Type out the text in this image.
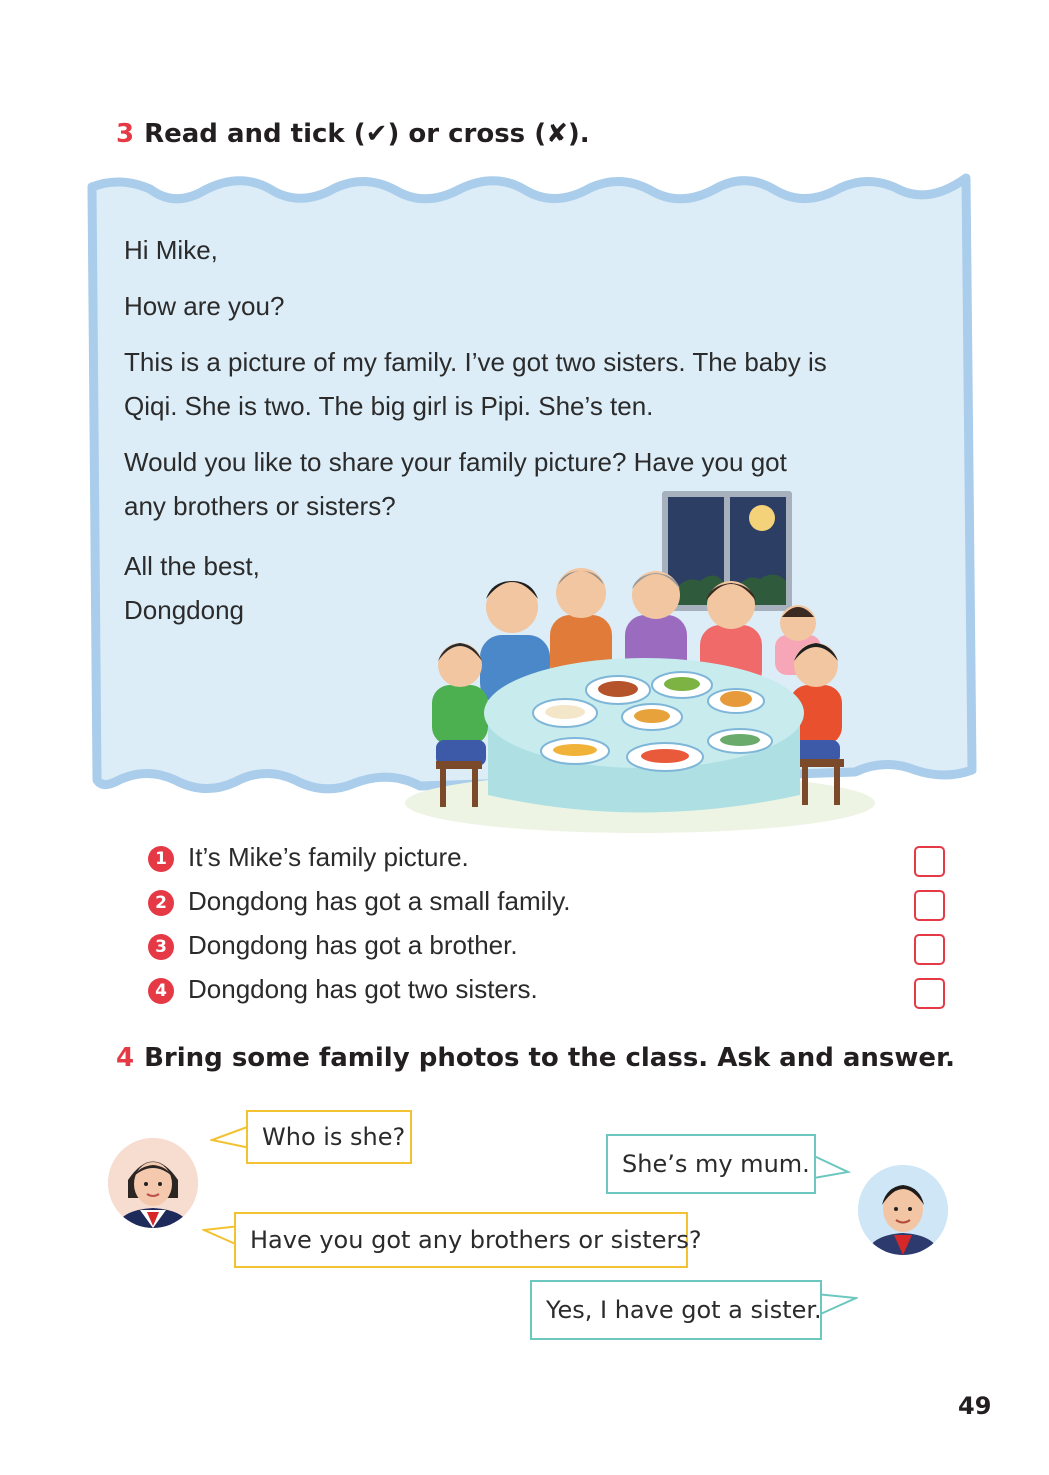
3 Read and tick (✔) or cross (✘).
Hi Mike,
How are you?
This is a picture of my family. I’ve got two sisters. The baby is
Qiqi. She is two. The big girl is Pipi. She’s ten.
Would you like to share your family picture? Have you got
any brothers or sisters?
All the best,
Dongdong
1 It’s Mike’s family picture.
2 Dongdong has got a small family.
3 Dongdong has got a brother.
4 Dongdong has got two sisters.
4 Bring some family photos to the class. Ask and answer.
Who is she?
She’s my mum.
Have you got any brothers or sisters?
Yes, I have got a sister.
49
